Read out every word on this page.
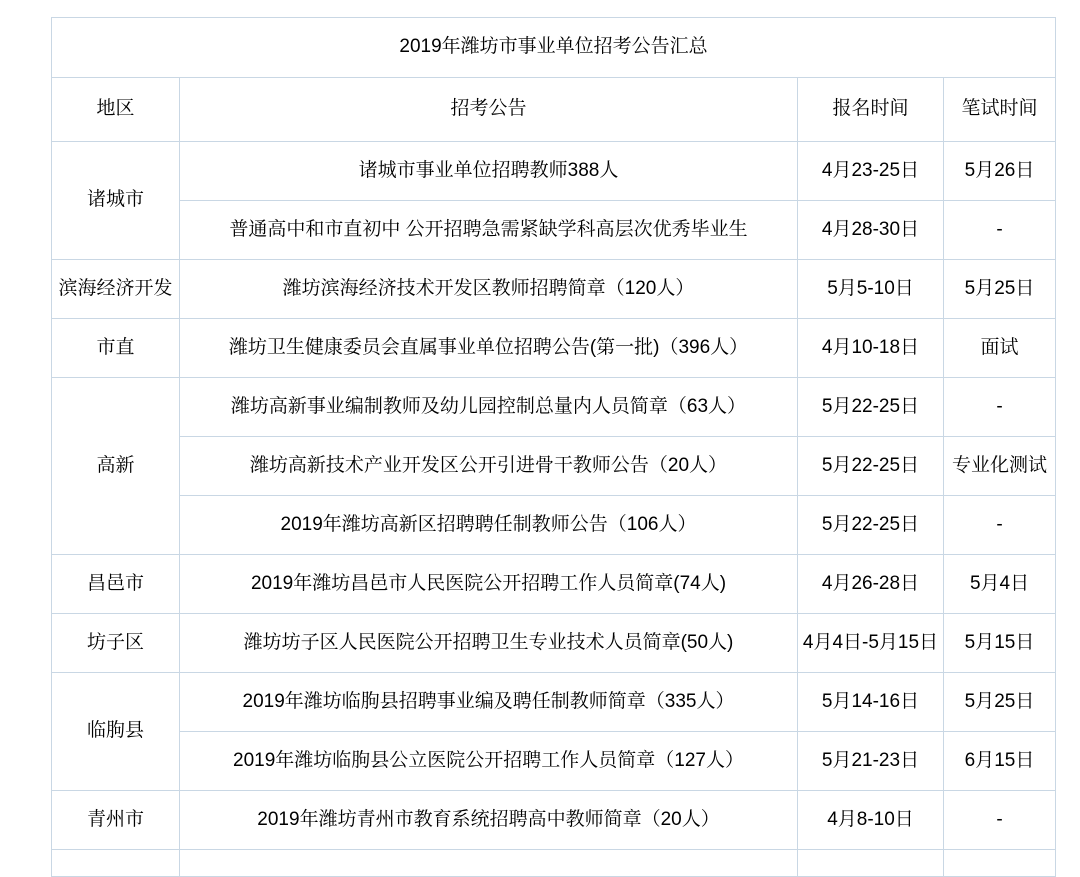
2019年潍坊市事业单位招考公告汇总			
地区	招考公告	报名时间	笔试时间
诸城市	诸城市事业单位招聘教师388人	4月23-25日	5月26日
	普通高中和市直初中 公开招聘急需紧缺学科高层次优秀毕业生	4月28-30日	-
滨海经济开发	潍坊滨海经济技术开发区教师招聘简章（120人）	5月5-10日	5月25日
市直	潍坊卫生健康委员会直属事业单位招聘公告(第一批)（396人）	4月10-18日	面试
高新	潍坊高新事业编制教师及幼儿园控制总量内人员简章（63人）	5月22-25日	-
	潍坊高新技术产业开发区公开引进骨干教师公告（20人）	5月22-25日	专业化测试
	2019年潍坊高新区招聘聘任制教师公告（106人）	5月22-25日	-
昌邑市	2019年潍坊昌邑市人民医院公开招聘工作人员简章(74人)	4月26-28日	5月4日
坊子区	潍坊坊子区人民医院公开招聘卫生专业技术人员简章(50人)	4月4日-5月15日	5月15日
临朐县	2019年潍坊临朐县招聘事业编及聘任制教师简章（335人）	5月14-16日	5月25日
	2019年潍坊临朐县公立医院公开招聘工作人员简章（127人）	5月21-23日	6月15日
青州市	2019年潍坊青州市教育系统招聘高中教师简章（20人）	4月8-10日	-
